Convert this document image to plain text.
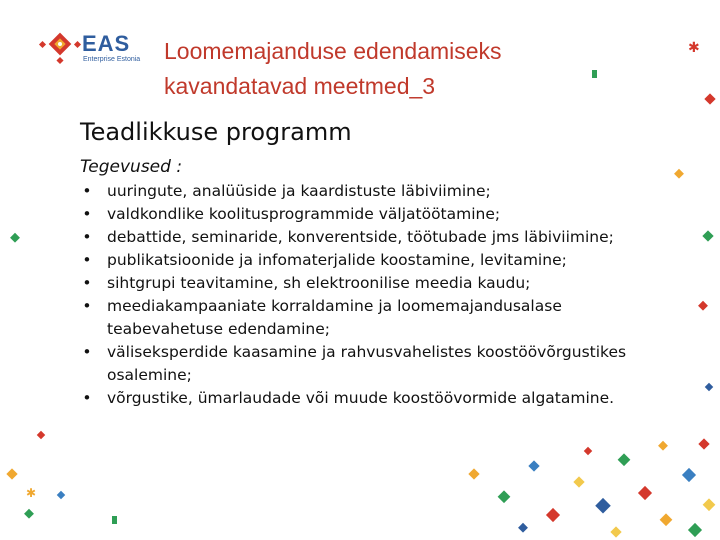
✱
✱
EAS
Enterprise Estonia Loomemajanduse edendamiseks
kavandatavad meetmed_3
Teadlikkuse programm

Tegevused :

• uuringute, analüüside ja kaardistuste läbiviimine;
• valdkondlike koolitusprogrammide väljatöötamine;
• debattide, seminaride, konverentside, töötubade jms läbiviimine;
• publikatsioonide ja infomaterjalide koostamine, levitamine;
• sihtgrupi teavitamine, sh elektroonilise meedia kaudu;
• meediakampaaniate korraldamine ja loomemajandusalase
teabevahetuse edendamine;
• väliseksperdide kaasamine ja rahvusvahelistes koostöövõrgustikes
osalemine;
• võrgustike, ümarlaudade või muude koostöövormide algatamine.
